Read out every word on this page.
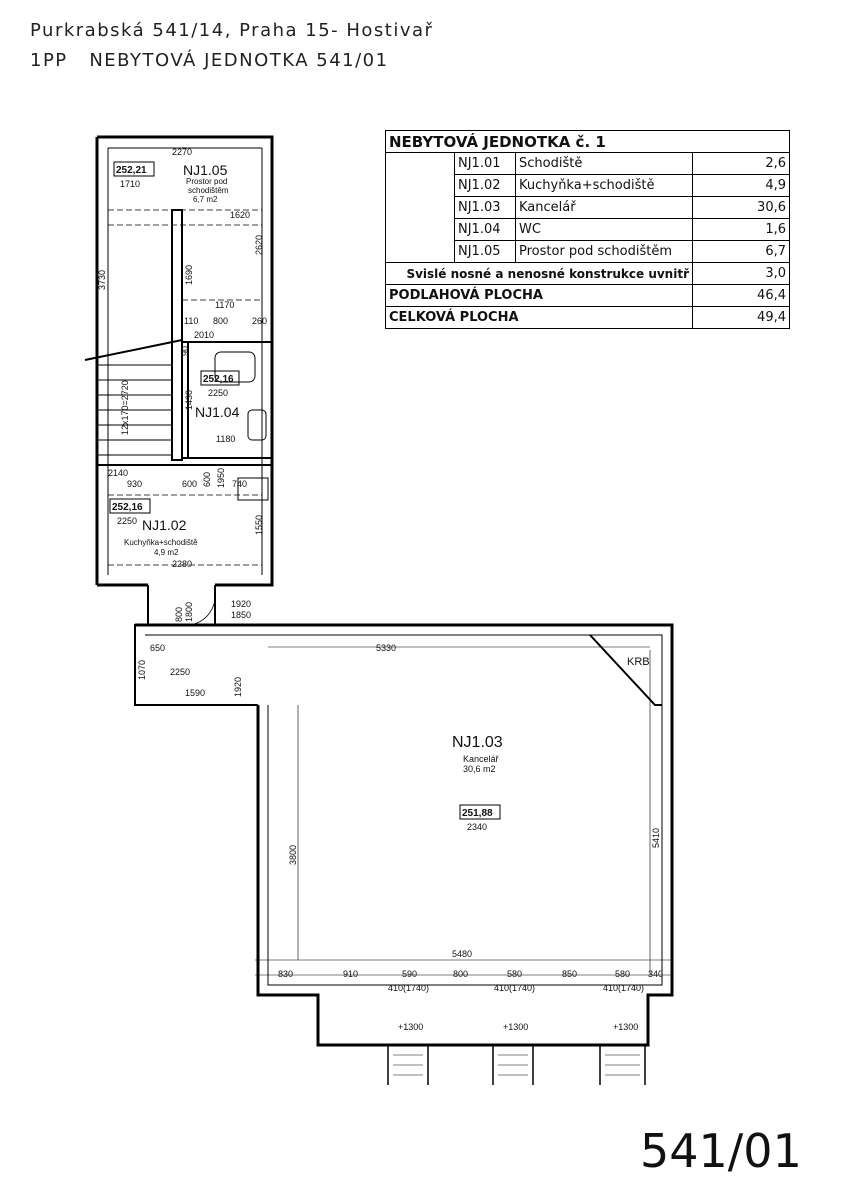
Purkrabská 541/14, Praha 15- Hostivař
1PP   NEBYTOVÁ JEDNOTKA 541/01
NJ1.05
Prostor pod
schodištěm
6,7 m2
252,21
1710
NJ1.04
252,16
2250
NJ1.02
Kuchyňka+schodiště
4,9 m2
252,16
2250
NJ1.03
Kancelář
30,6 m2
251,88
2340
KRB
2270
3730
1620
2620
1690
1170
110 800	260
2010
90
1430
1180
12x170=2720
2140
930	600 600 1950 740
1550
2280
800 1800	1920
1850
650
1070	2250
1590	1920
5330
3800
5410
5480
830	910	590	800	580	850	580 340
410(1740)	410(1740)	410(1740)
+1300	+1300	+1300
NEBYTOVÁ JEDNOTKA č. 1			
	NJ1.01	Schodiště	2,6
	NJ1.02	Kuchyňka+schodiště	4,9
	NJ1.03	Kancelář	30,6
	NJ1.04	WC	1,6
	NJ1.05	Prostor pod schodištěm	6,7
Svislé nosné a nenosné konstrukce uvnitř			3,0
PODLAHOVÁ PLOCHA			46,4
CELKOVÁ PLOCHA			49,4
541/01
